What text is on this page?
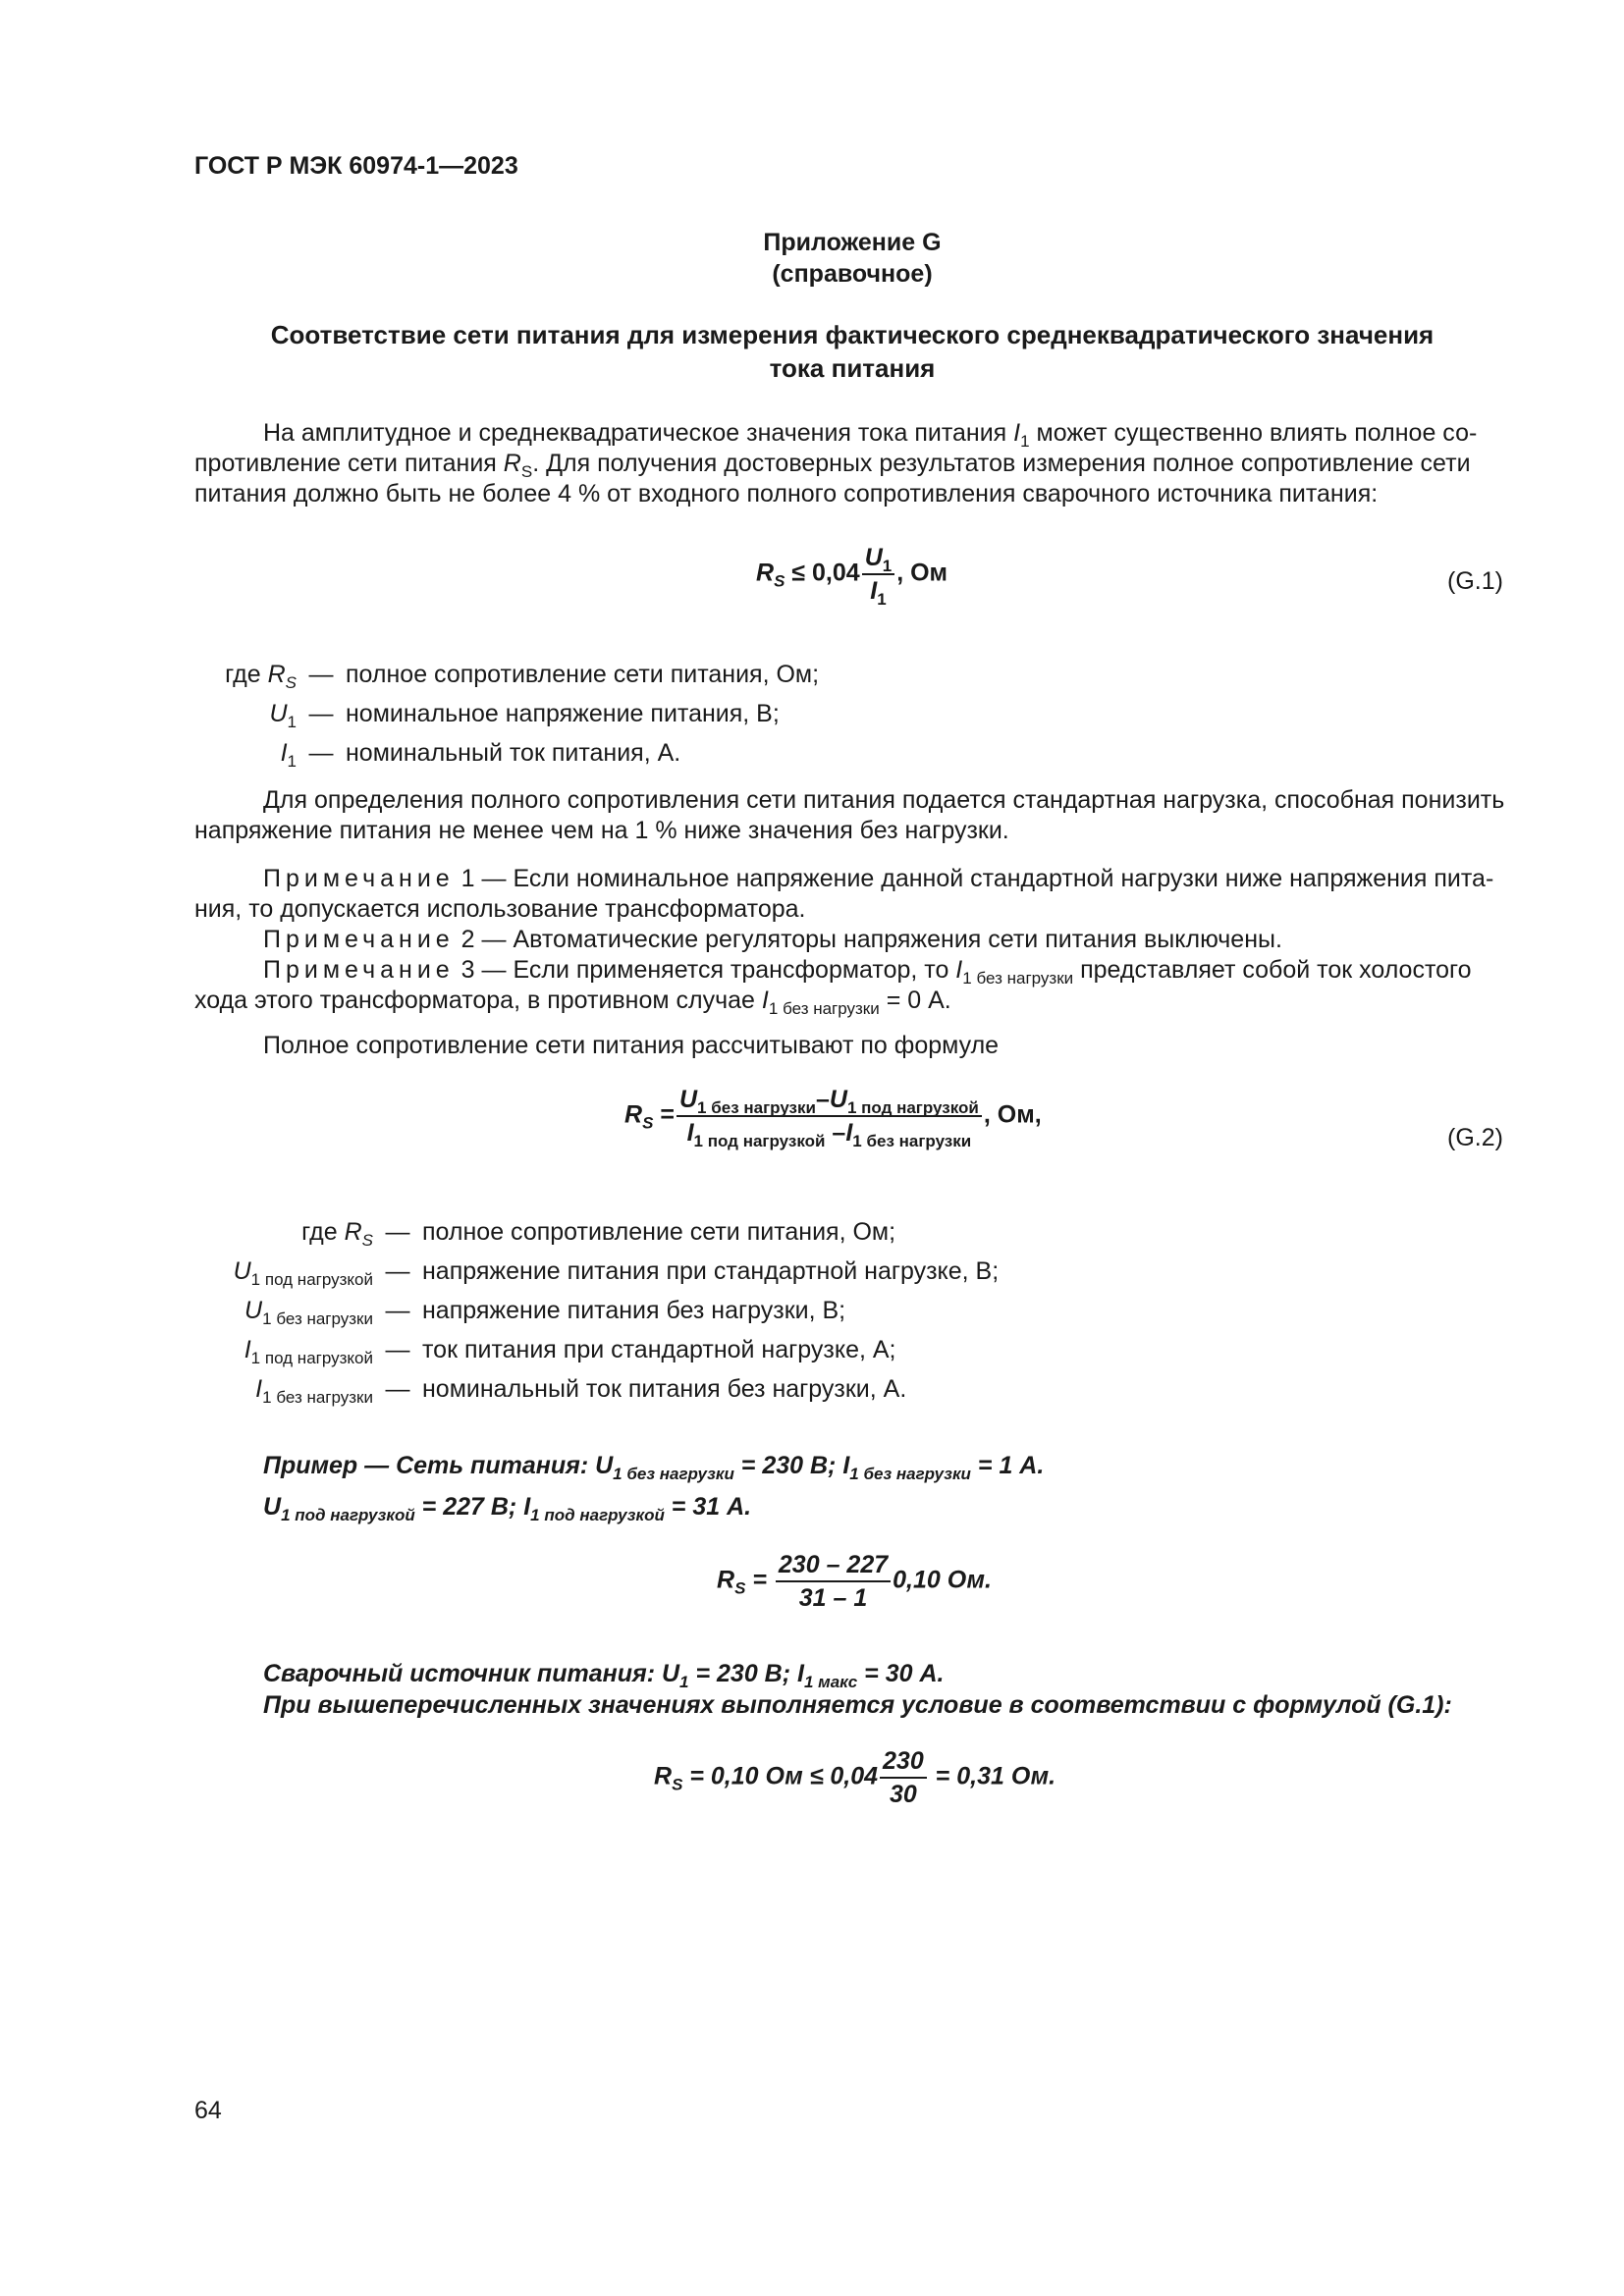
ГОСТ Р МЭК 60974-1—2023
Приложение G
(справочное)
Соответствие сети питания для измерения фактического среднеквадратического значения
тока питания
На амплитудное и среднеквадратическое значения тока питания $I_1$ может существенно влиять полное со-
противление сети питания $R_S$. Для получения достоверных результатов измерения полное сопротивление сети
питания должно быть не более 4 % от входного полного сопротивления сварочного источника питания:
$R_S \le 0,04 \frac{U_1}{I_1}$ , Ом	(G.1)
где $R_S$ — полное сопротивление сети питания, Ом;
$U_1$ — номинальное напряжение питания, В;
$I_1$ — номинальный ток питания, А.
Для определения полного сопротивления сети питания подается стандартная нагрузка, способная понизить
напряжение питания не менее чем на 1 % ниже значения без нагрузки.
Примечание 1 — Если номинальное напряжение данной стандартной нагрузки ниже напряжения пита-
ния, то допускается использование трансформатора.
Примечание 2 — Автоматические регуляторы напряжения сети питания выключены.
Примечание 3 — Если применяется трансформатор, то $I_{1 без нагрузки}$ представляет собой ток холостого
хода этого трансформатора, в противном случае $I_{1 без нагрузки} = 0$ А.
Полное сопротивление сети питания рассчитывают по формуле
$R_S = \frac{U_{1 без нагрузки}-U_{1 под нагрузкой}}{I_{1 под нагрузкой} -I_{1 без нагрузки}}$ , Ом,
(G.2)
где $R_S$ — полное сопротивление сети питания, Ом;
$U_{1 под нагрузкой}$ — напряжение питания при стандартной нагрузке, В;
$U_{1 без нагрузки}$ — напряжение питания без нагрузки, В;
$I_{1 под нагрузкой}$ — ток питания при стандартной нагрузке, А;
$I_{1 без нагрузки}$ — номинальный ток питания без нагрузки, А.
Пример — Сеть питания: $U_{1 без нагрузки} = 230$ В; $I_{1 без нагрузки} = 1$ А.
$U_{1 под нагрузкой} = 227$ В; $I_{1 под нагрузкой} = 31$ А.
$R_S = \frac{230 - 227}{31 - 1} 0,10$ Ом.
Сварочный источник питания: $U_1 = 230$ В; $I_{1 макс} = 30$ А.
При вышеперечисленных значениях выполняется условие в соответствии с формулой (G.1):
$R_S = 0,10$ Ом ≤ $0,04 \frac{230}{30} = 0,31$ Ом.
64
